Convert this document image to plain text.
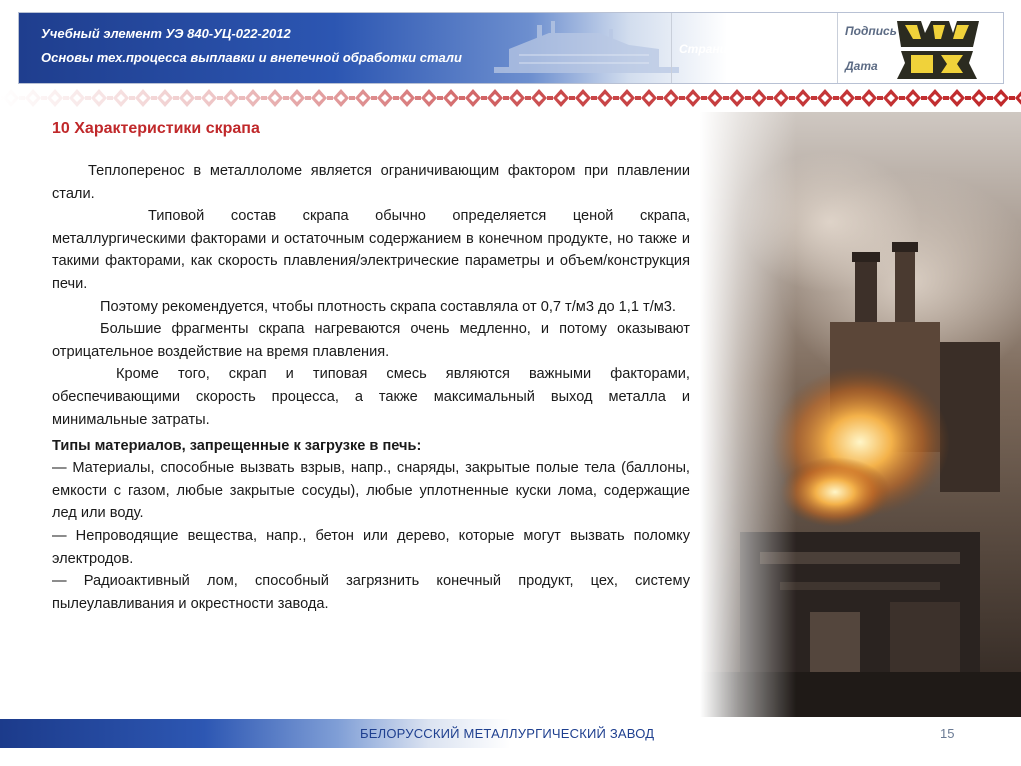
Учебный элемент УЭ 840-УЦ-022-2012
Основы тех.процесса выплавки и внепечной обработки стали
Страница
Подпись
Дата
10 Характеристики скрапа

Теплоперенос в металлоломе является ограничивающим фактором при плавлении стали.

Типовой состав скрапа обычно определяется ценой скрапа, металлургическими факторами и остаточным содержанием в конечном продукте, но также и такими факторами, как скорость плавления/электрические параметры и объем/конструкция печи.

Поэтому рекомендуется, чтобы плотность скрапа составляла от 0,7 т/м3 до 1,1 т/м3.

Большие фрагменты скрапа нагреваются очень медленно, и потому оказывают отрицательное воздействие на время плавления.

Кроме того, скрап и типовая смесь являются важными факторами, обеспечивающими скорость процесса, а также максимальный выход металла и минимальные затраты.

Типы материалов, запрещенные к загрузке в печь:

— Материалы, способные вызвать взрыв, напр., снаряды, закрытые полые тела (баллоны, емкости с газом, любые закрытые сосуды), любые уплотненные куски лома, содержащие лед или воду.

— Непроводящие вещества, напр., бетон или дерево, которые могут вызвать поломку электродов.

— Радиоактивный лом, способный загрязнить конечный продукт, цех, систему пылеулавливания и окрестности завода.

БЕЛОРУССКИЙ МЕТАЛЛУРГИЧЕСКИЙ ЗАВОД	15
